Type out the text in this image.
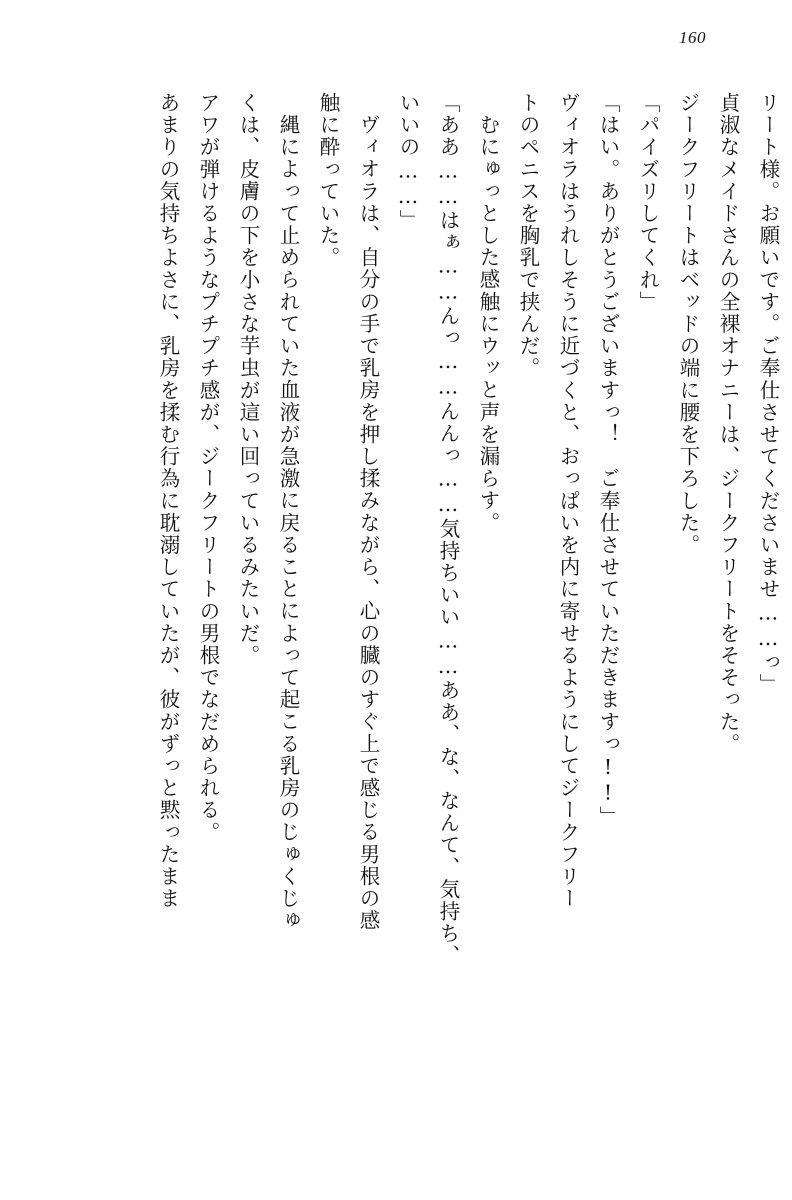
160
リート様。お願いです。ご奉仕させてくださいませ……っ」
貞淑なメイドさんの全裸オナニーは、ジークフリートをそそった。
ジークフリートはベッドの端に腰を下ろした。
「パイズリしてくれ」
「はい。ありがとうございますっ！　ご奉仕させていただきますっ!!」
ヴィオラはうれしそうに近づくと、おっぱいを内に寄せるようにしてジークフリー
トのペニスを胸乳で挟んだ。
むにゅっとした感触にウッと声を漏らす。
「ああ……はぁ……んっ……んんっ……気持ちいい……ああ、な、なんて、気持ち、
いいの……」
ヴィオラは、自分の手で乳房を押し揉みながら、心の臓のすぐ上で感じる男根の感
触に酔っていた。
縄によって止められていた血液が急激に戻ることによって起こる乳房のじゅくじゅ
くは、皮膚の下を小さな芋虫が這い回っているみたいだ。
アワが弾けるようなプチプチ感が、ジークフリートの男根でなだめられる。
あまりの気持ちよさに、乳房を揉む行為に耽溺していたが、彼がずっと黙ったまま
